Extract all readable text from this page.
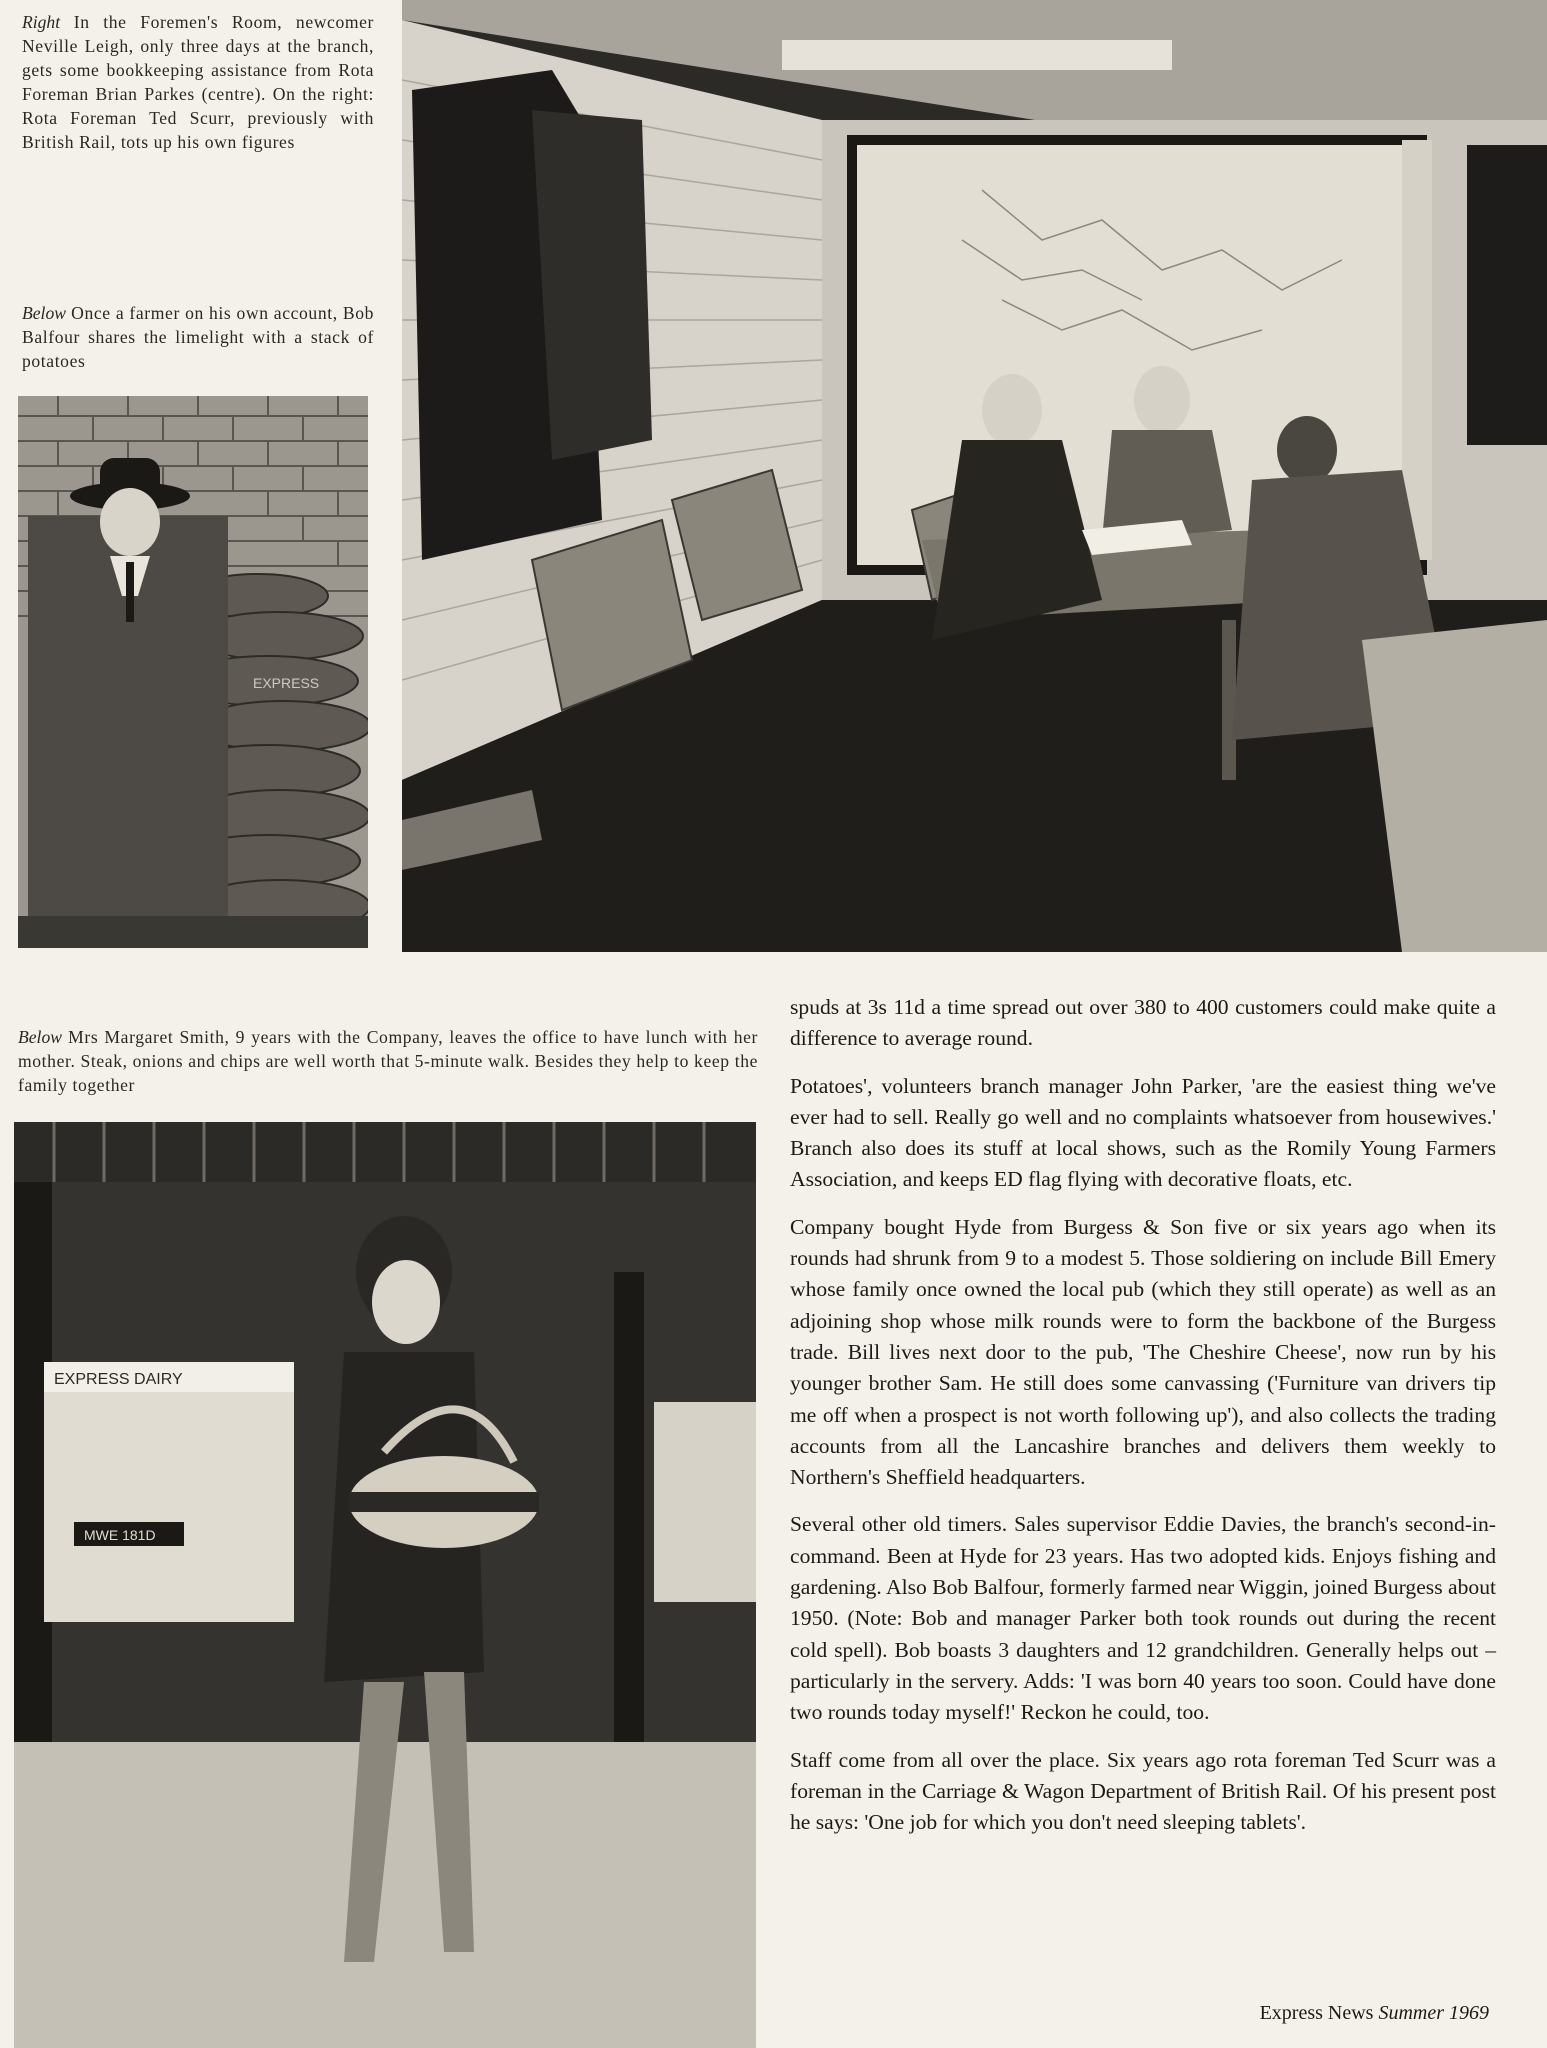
Right In the Foremen's Room, newcomer Neville Leigh, only three days at the branch, gets some bookkeeping assistance from Rota Foreman Brian Parkes (centre). On the right: Rota Foreman Ted Scurr, previously with British Rail, tots up his own figures

Below Once a farmer on his own account, Bob Balfour shares the limelight with a stack of potatoes

EXPRESS

Below Mrs Margaret Smith, 9 years with the Company, leaves the office to have lunch with her mother. Steak, onions and chips are well worth that 5-minute walk. Besides they help to keep the family together

EXPRESS DAIRY
MWE 181D

spuds at 3s 11d a time spread out over 380 to 400 customers could make quite a difference to average round.

Potatoes', volunteers branch manager John Parker, 'are the easiest thing we've ever had to sell. Really go well and no complaints whatsoever from housewives.' Branch also does its stuff at local shows, such as the Romily Young Farmers Association, and keeps ED flag flying with decorative floats, etc.

Company bought Hyde from Burgess & Son five or six years ago when its rounds had shrunk from 9 to a modest 5. Those soldiering on include Bill Emery whose family once owned the local pub (which they still operate) as well as an adjoining shop whose milk rounds were to form the backbone of the Burgess trade. Bill lives next door to the pub, 'The Cheshire Cheese', now run by his younger brother Sam. He still does some canvassing ('Furniture van drivers tip me off when a prospect is not worth following up'), and also collects the trading accounts from all the Lancashire branches and delivers them weekly to Northern's Sheffield headquarters.

Several other old timers. Sales supervisor Eddie Davies, the branch's second-in-command. Been at Hyde for 23 years. Has two adopted kids. Enjoys fishing and gardening. Also Bob Balfour, formerly farmed near Wiggin, joined Burgess about 1950. (Note: Bob and manager Parker both took rounds out during the recent cold spell). Bob boasts 3 daughters and 12 grandchildren. Generally helps out – particularly in the servery. Adds: 'I was born 40 years too soon. Could have done two rounds today myself!' Reckon he could, too.

Staff come from all over the place. Six years ago rota foreman Ted Scurr was a foreman in the Carriage & Wagon Department of British Rail. Of his present post he says: 'One job for which you don't need sleeping tablets'.

Express News Summer 1969
